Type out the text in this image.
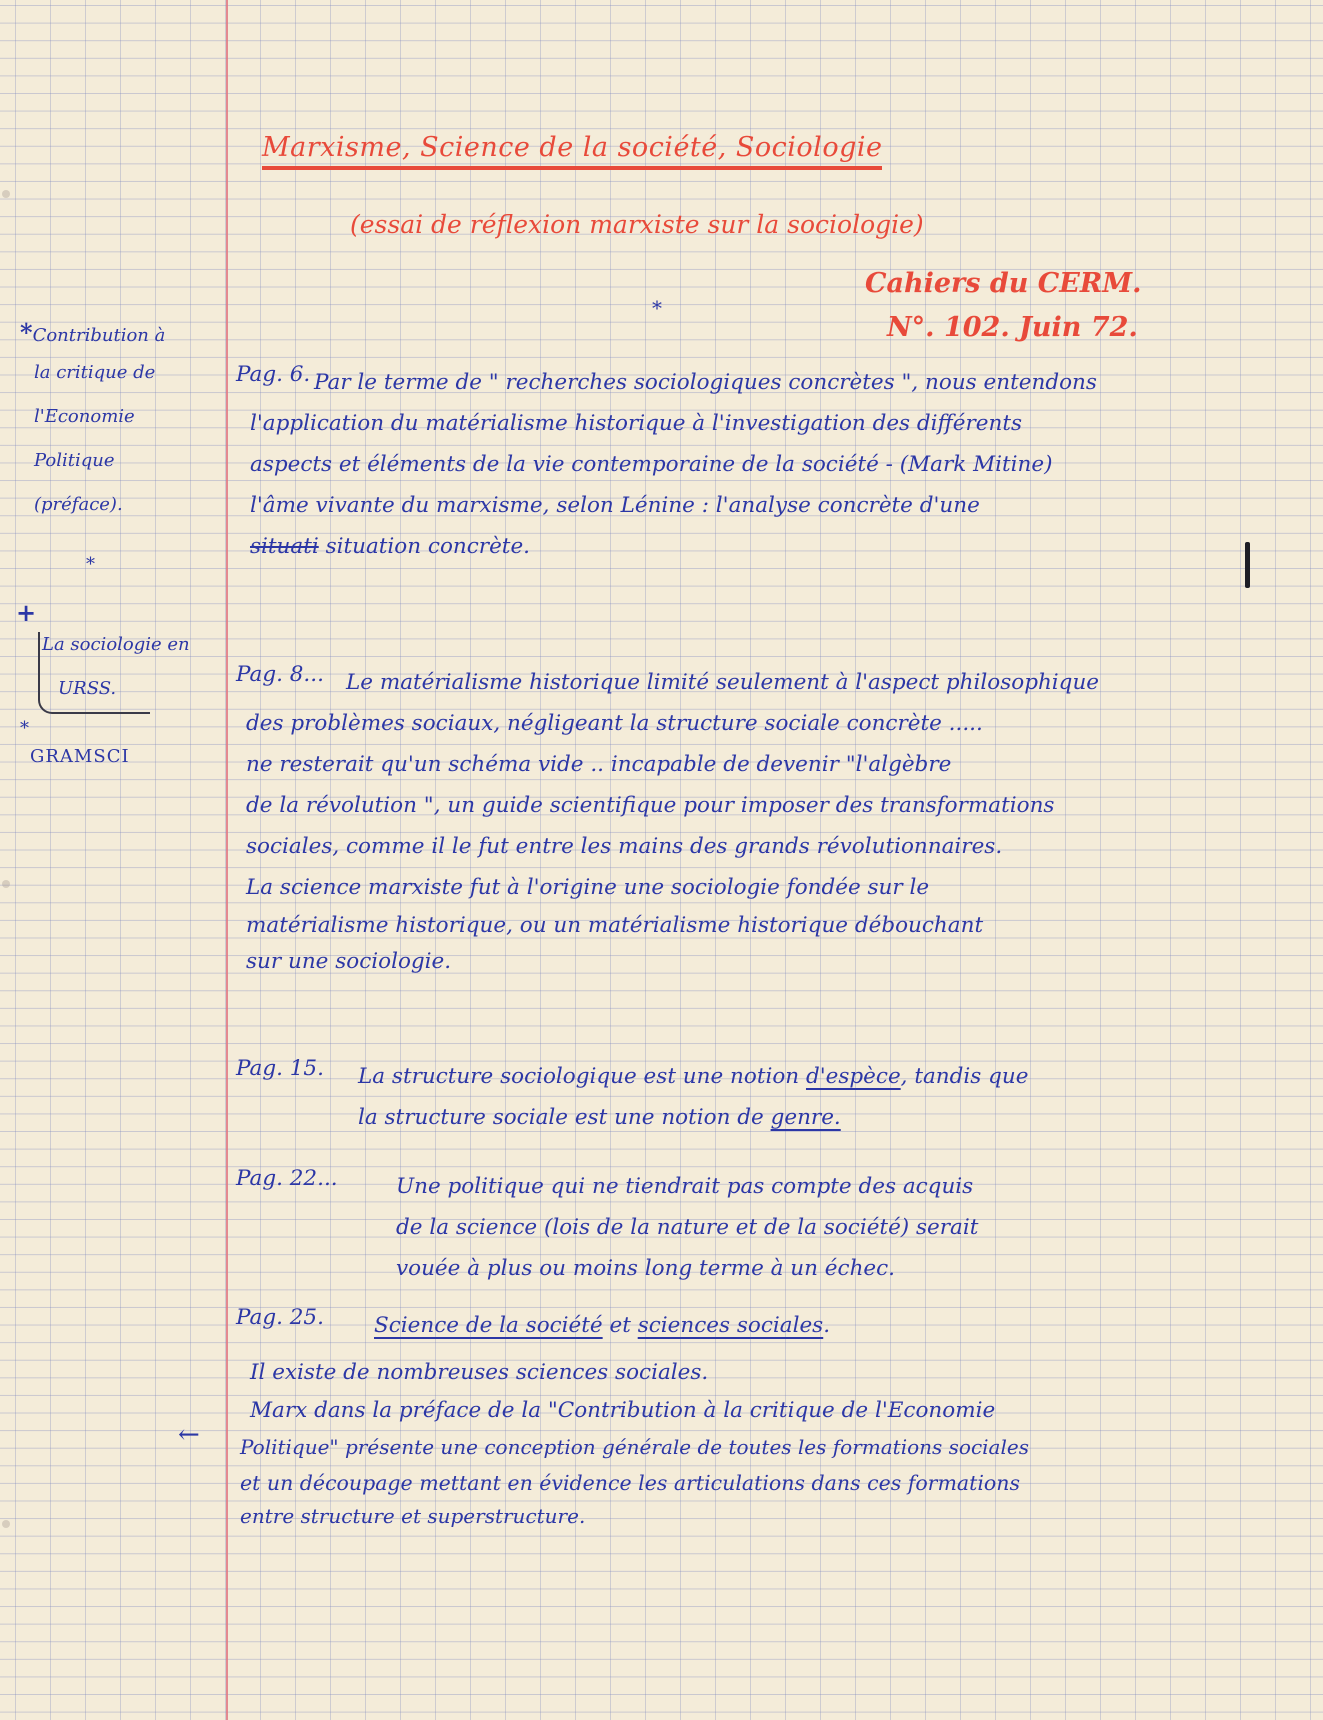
Marxisme, Science de la société, Sociologie
(essai de réflexion marxiste sur la sociologie)
Cahiers du CERM.
N°. 102. Juin 72.
*
*Contribution à
la critique de
l'Economie
Politique
(préface).
*
+
La sociologie en
URSS.
*
GRAMSCI
Pag. 6. Par le terme de " recherches sociologiques concrètes ", nous entendons
l'application du matérialisme historique à l'investigation des différents
aspects et éléments de la vie contemporaine de la société - (Mark Mitine)
l'âme vivante du marxisme, selon Lénine : l'analyse concrète d'une
situati situation concrète.
Pag. 8...	Le matérialisme historique limité seulement à l'aspect philosophique
des problèmes sociaux, négligeant la structure sociale concrète .....
ne resterait qu'un schéma vide .. incapable de devenir "l'algèbre
de la révolution ", un guide scientifique pour imposer des transformations
sociales, comme il le fut entre les mains des grands révolutionnaires.
La science marxiste fut à l'origine une sociologie fondée sur le
matérialisme historique, ou un matérialisme historique débouchant
sur une sociologie.
Pag. 15.	La structure sociologique est une notion d'espèce, tandis que
la structure sociale est une notion de genre.
Pag. 22...	Une politique qui ne tiendrait pas compte des acquis
de la science (lois de la nature et de la société) serait
vouée à plus ou moins long terme à un échec.
Pag. 25.	Science de la société et sciences sociales.
Il existe de nombreuses sciences sociales.
Marx dans la préface de la "Contribution à la critique de l'Economie
Politique" présente une conception générale de toutes les formations sociales
et un découpage mettant en évidence les articulations dans ces formations
entre structure et superstructure.
←
